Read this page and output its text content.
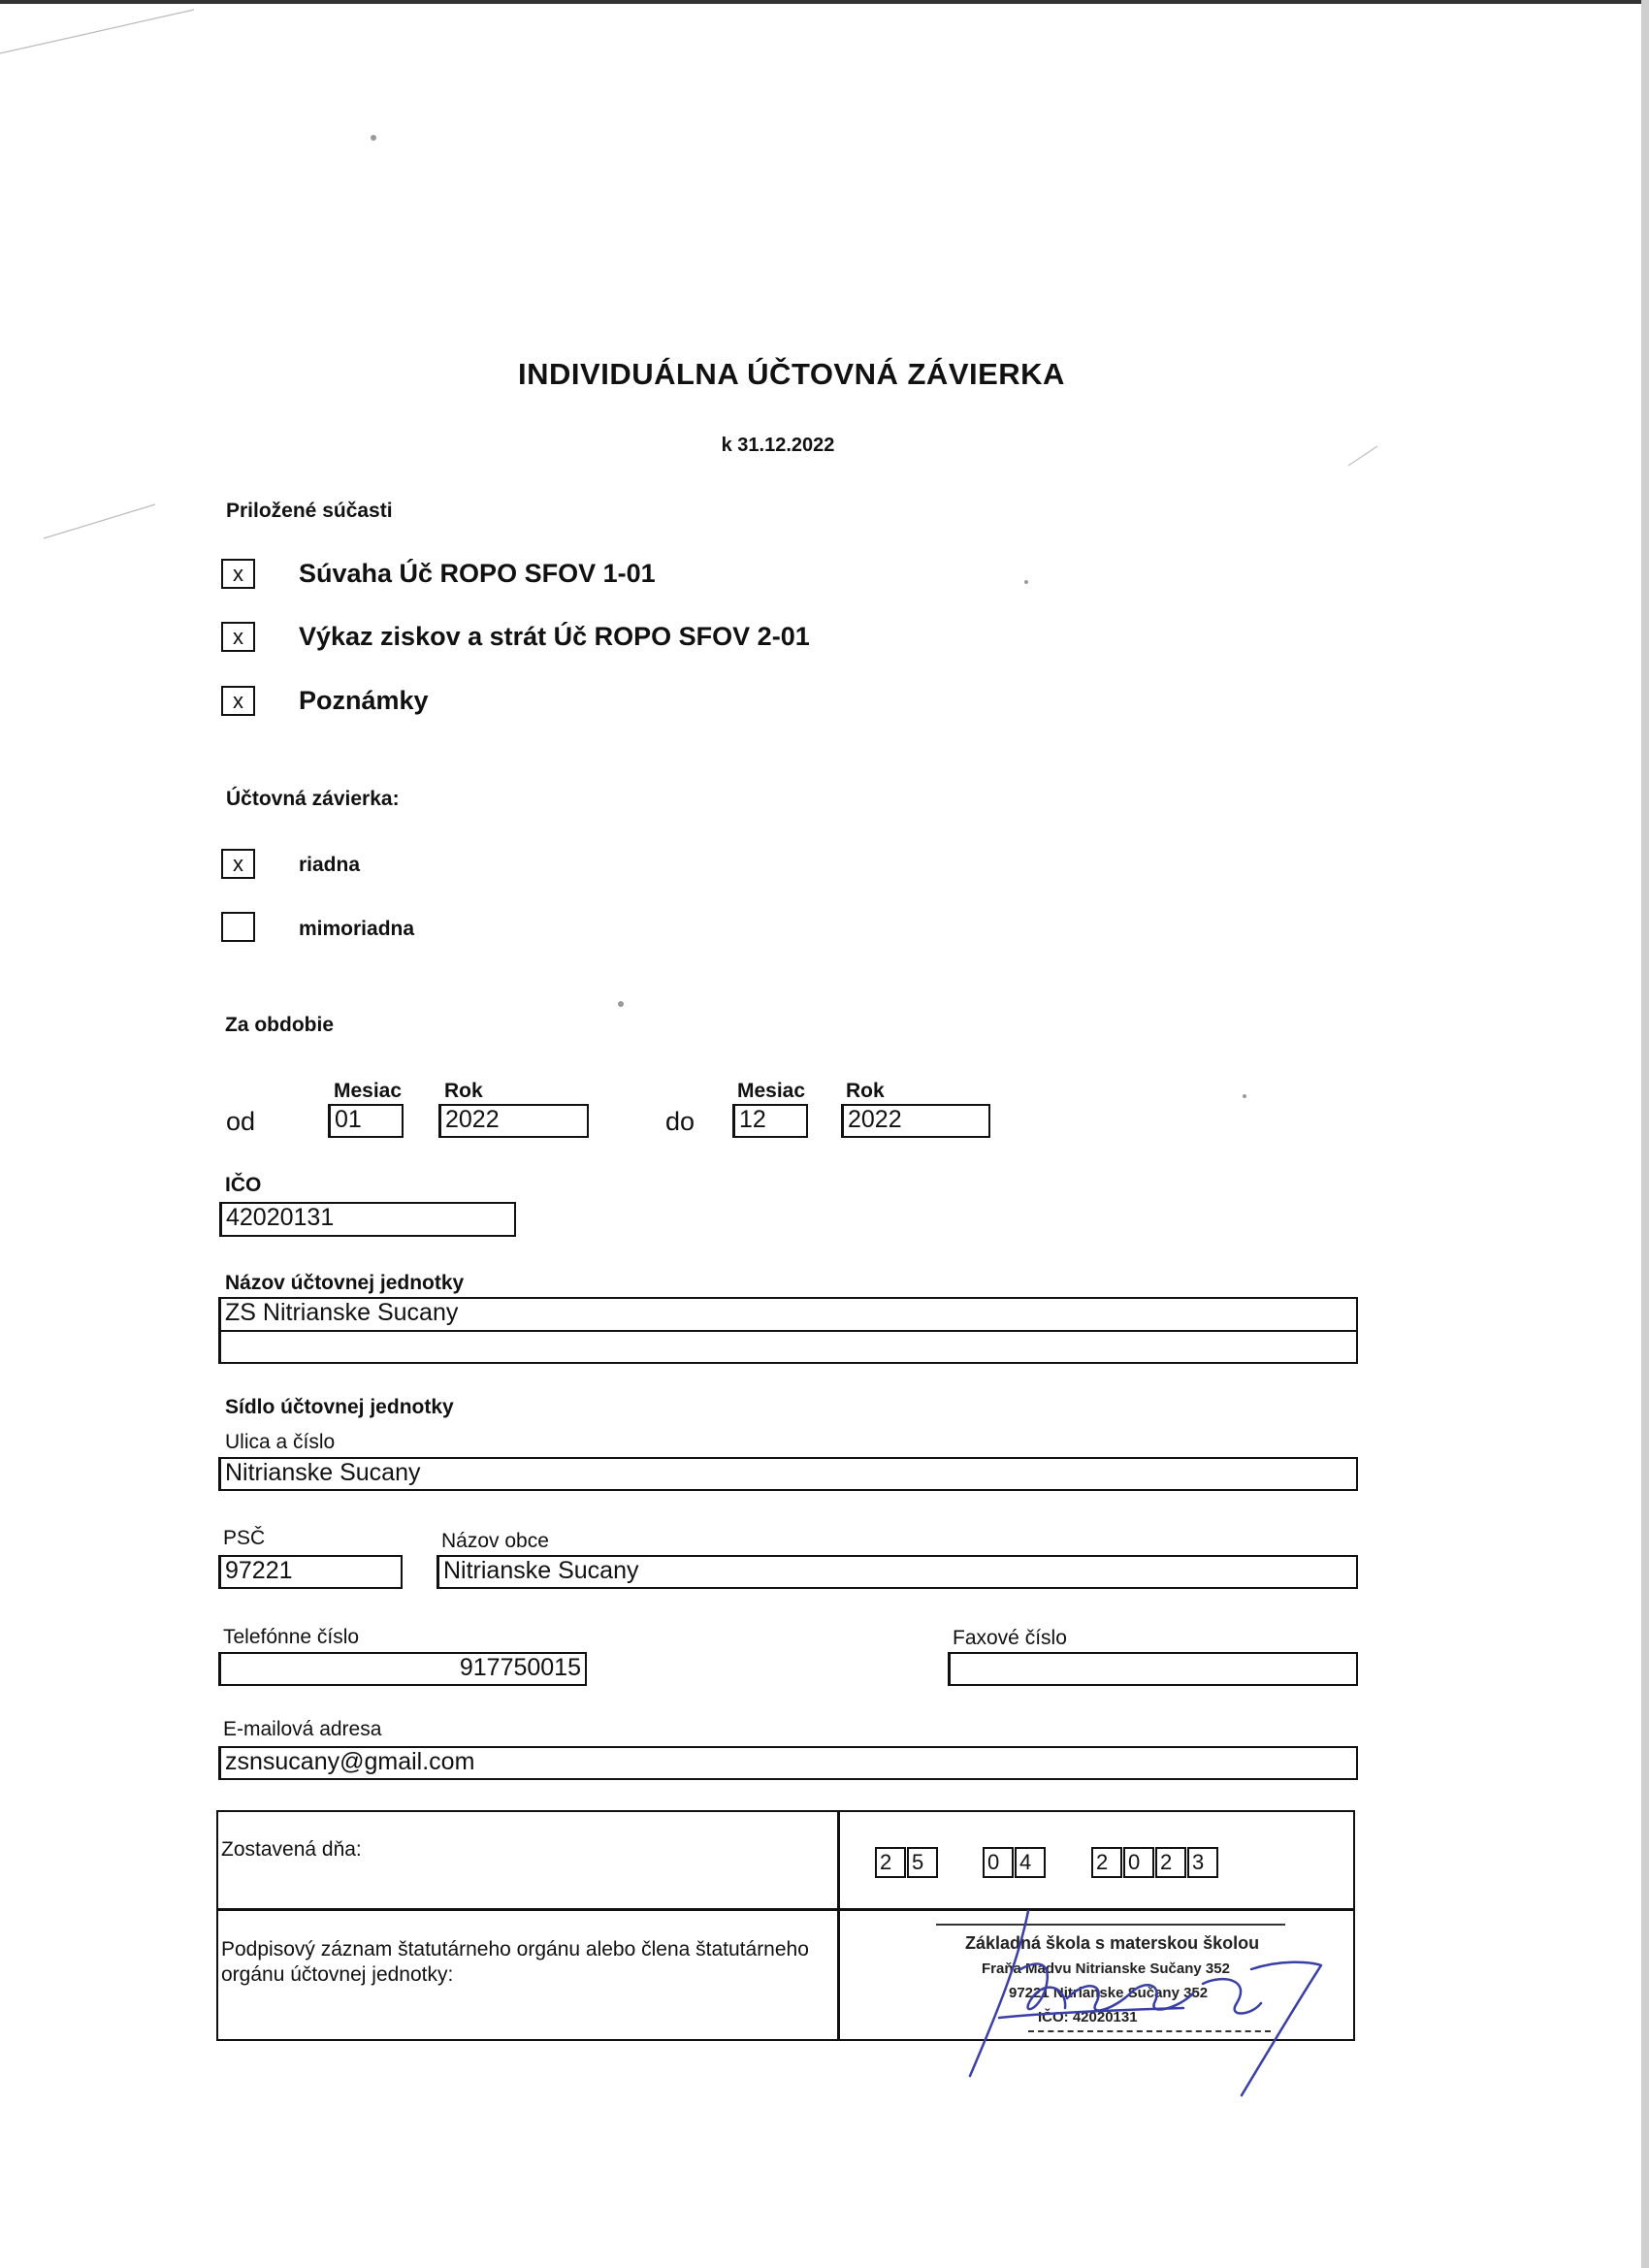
INDIVIDUÁLNA ÚČTOVNÁ ZÁVIERKA
k 31.12.2022
Priložené súčasti
x	Súvaha Úč ROPO SFOV 1-01
x	Výkaz ziskov a strát Úč ROPO SFOV 2-01
x	Poznámky
Účtovná závierka:
x	riadna
mimoriadna
Za obdobie
Mesiac Rok	Mesiac Rok
od	01	2022	do 12	2022
IČO
42020131
Názov účtovnej jednotky
ZS Nitrianske Sucany
Sídlo účtovnej jednotky
Ulica a číslo
Nitrianske Sucany
PSČ
97221
Názov obce
Nitrianske Sucany
Telefónne číslo
917750015
Faxové číslo
E-mailová adresa
zsnsucany@gmail.com
Zostavená dňa:
2 5	0 4	2 0 2 3
Podpisový záznam štatutárneho orgánu alebo člena štatutárneho
orgánu účtovnej jednotky:
Základná škola s materskou školou
Fraňa Madvu Nitrianske Sučany 352
97221 Nitrianske Sučany 352
IČO: 42020131
